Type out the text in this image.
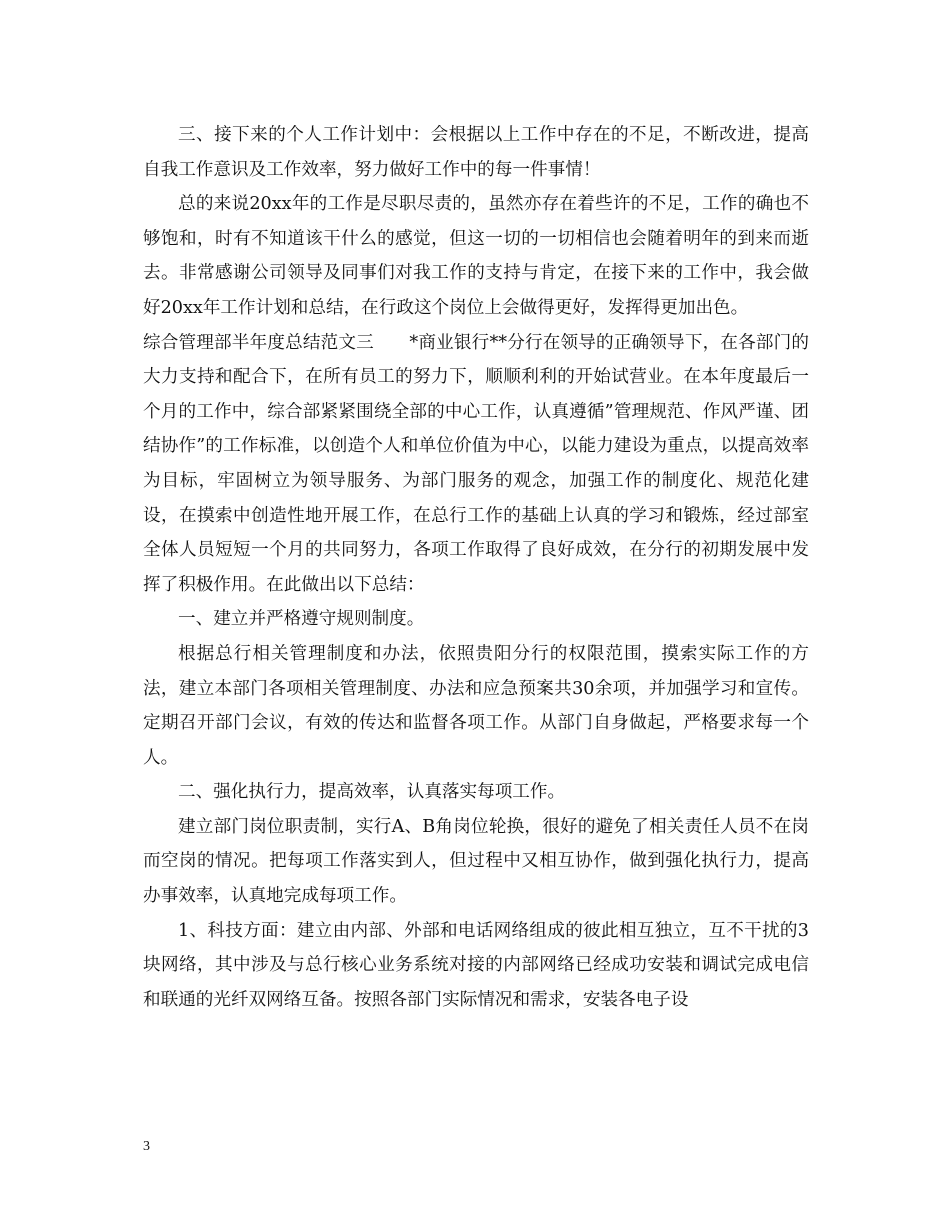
三、接下来的个人工作计划中：会根据以上工作中存在的不足，不断改进，提高自我工作意识及工作效率，努力做好工作中的每一件事情！

总的来说20xx年的工作是尽职尽责的，虽然亦存在着些许的不足，工作的确也不够饱和，时有不知道该干什么的感觉，但这一切的一切相信也会随着明年的到来而逝去。非常感谢公司领导及同事们对我工作的支持与肯定，在接下来的工作中，我会做好20xx年工作计划和总结，在行政这个岗位上会做得更好，发挥得更加出色。

综合管理部半年度总结范文三　　*商业银行**分行在领导的正确领导下，在各部门的大力支持和配合下，在所有员工的努力下，顺顺利利的开始试营业。在本年度最后一个月的工作中，综合部紧紧围绕全部的中心工作，认真遵循”管理规范、作风严谨、团结协作”的工作标准，以创造个人和单位价值为中心，以能力建设为重点，以提高效率为目标，牢固树立为领导服务、为部门服务的观念，加强工作的制度化、规范化建设，在摸索中创造性地开展工作，在总行工作的基础上认真的学习和锻炼，经过部室全体人员短短一个月的共同努力，各项工作取得了良好成效，在分行的初期发展中发挥了积极作用。在此做出以下总结：

一、建立并严格遵守规则制度。

根据总行相关管理制度和办法，依照贵阳分行的权限范围，摸索实际工作的方法，建立本部门各项相关管理制度、办法和应急预案共30余项，并加强学习和宣传。定期召开部门会议，有效的传达和监督各项工作。从部门自身做起，严格要求每一个人。

二、强化执行力，提高效率，认真落实每项工作。

建立部门岗位职责制，实行A、B角岗位轮换，很好的避免了相关责任人员不在岗而空岗的情况。把每项工作落实到人，但过程中又相互协作，做到强化执行力，提高办事效率，认真地完成每项工作。

1、科技方面：建立由内部、外部和电话网络组成的彼此相互独立，互不干扰的3块网络，其中涉及与总行核心业务系统对接的内部网络已经成功安装和调试完成电信和联通的光纤双网络互备。按照各部门实际情况和需求，安装各电子设

3
